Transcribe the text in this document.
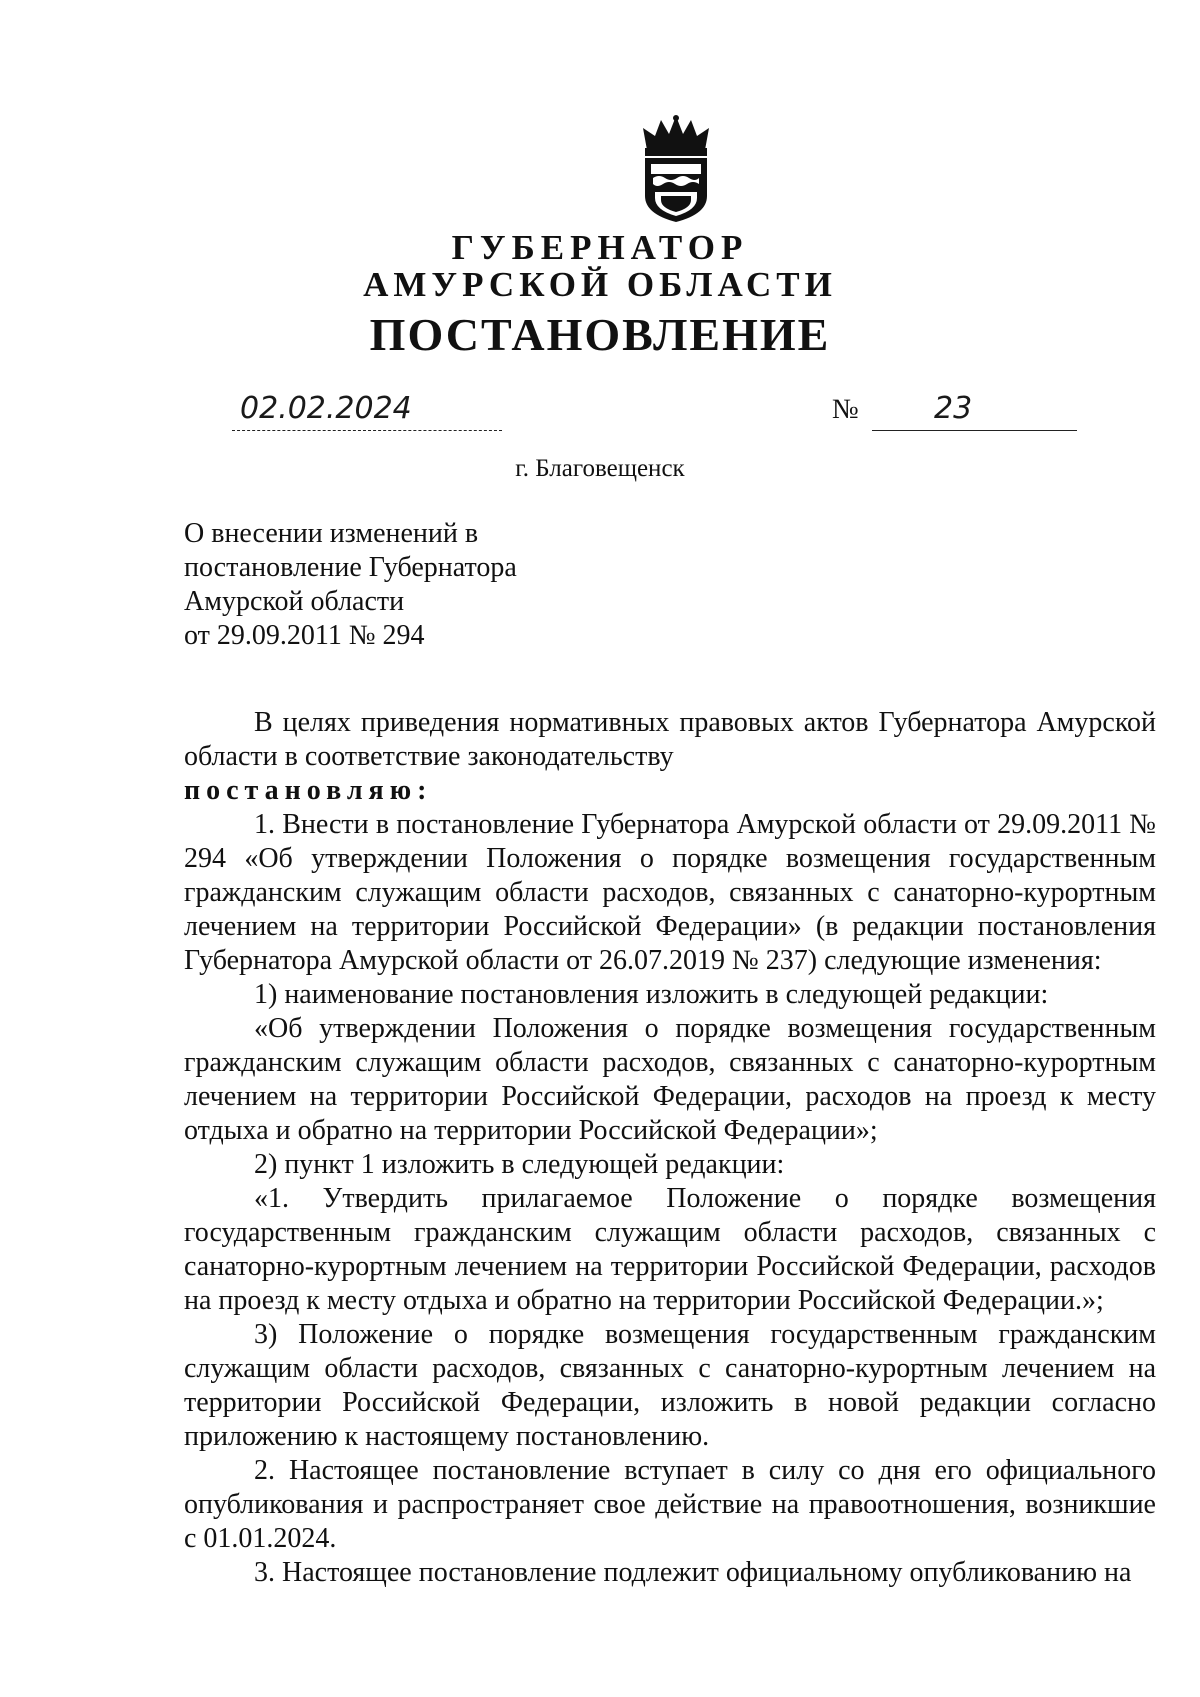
ГУБЕРНАТОР
АМУРСКОЙ ОБЛАСТИ
ПОСТАНОВЛЕНИЕ
02.02.2024	№	23
г. Благовещенск
О внесении изменений в
постановление Губернатора
Амурской области
от 29.09.2011 № 294

В целях приведения нормативных правовых актов Губернатора Амурской области в соответствие законодательству

постановляю:

1. Внести в постановление Губернатора Амурской области от 29.09.2011 № 294 «Об утверждении Положения о порядке возмещения государственным гражданским служащим области расходов, связанных с санаторно-курортным лечением на территории Российской Федерации» (в редакции постановления Губернатора Амурской области от 26.07.2019 № 237) следующие изменения:

1) наименование постановления изложить в следующей редакции:

«Об утверждении Положения о порядке возмещения государственным гражданским служащим области расходов, связанных с санаторно-курортным лечением на территории Российской Федерации, расходов на проезд к месту отдыха и обратно на территории Российской Федерации»;

2) пункт 1 изложить в следующей редакции:

«1. Утвердить прилагаемое Положение о порядке возмещения государственным гражданским служащим области расходов, связанных с санаторно-курортным лечением на территории Российской Федерации, расходов на проезд к месту отдыха и обратно на территории Российской Федерации.»;

3) Положение о порядке возмещения государственным гражданским служащим области расходов, связанных с санаторно-курортным лечением на территории Российской Федерации, изложить в новой редакции согласно приложению к настоящему постановлению.

2. Настоящее постановление вступает в силу со дня его официального опубликования и распространяет свое действие на правоотношения, возникшие с 01.01.2024.

3. Настоящее постановление подлежит официальному опубликованию на
